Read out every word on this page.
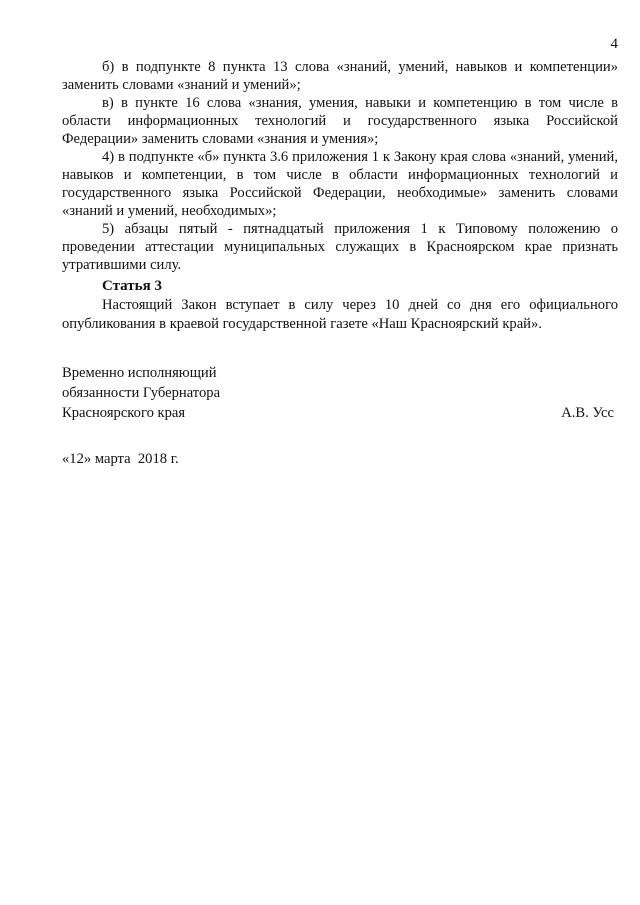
4

б) в подпункте 8 пункта 13 слова «знаний, умений, навыков и компетенции» заменить словами «знаний и умений»;

в) в пункте 16 слова «знания, умения, навыки и компетенцию в том числе в области информационных технологий и государственного языка Российской Федерации» заменить словами «знания и умения»;

4) в подпункте «б» пункта 3.6 приложения 1 к Закону края слова «знаний, умений, навыков и компетенции, в том числе в области информационных технологий и государственного языка Российской Федерации, необходимые» заменить словами «знаний и умений, необходимых»;

5) абзацы пятый - пятнадцатый приложения 1 к Типовому положению о проведении аттестации муниципальных служащих в Красноярском крае признать утратившими силу.

Статья 3

Настоящий Закон вступает в силу через 10 дней со дня его официального опубликования в краевой государственной газете «Наш Красноярский край».

Временно исполняющий
обязанности Губернатора
Красноярского края	А.В. Усс
«12» марта  2018 г.
